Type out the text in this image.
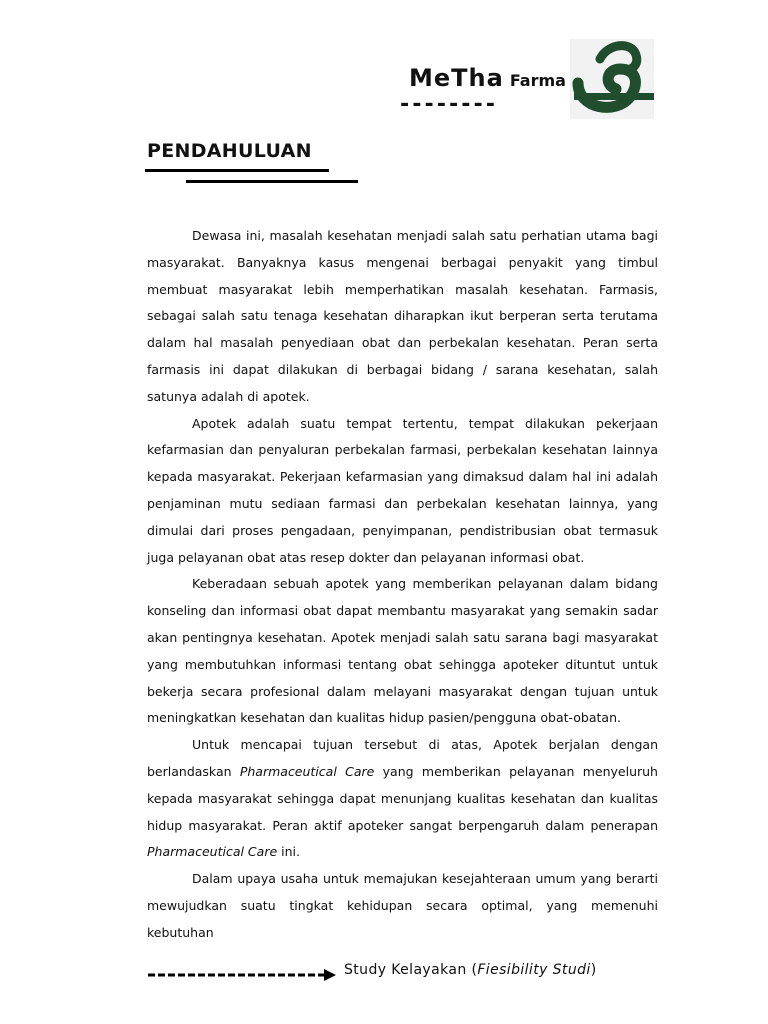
MeTha Farma
--------
PENDAHULUAN

Dewasa ini, masalah kesehatan menjadi salah satu perhatian utama bagi masyarakat. Banyaknya kasus mengenai berbagai penyakit yang timbul membuat masyarakat lebih memperhatikan masalah kesehatan. Farmasis, sebagai salah satu tenaga kesehatan diharapkan ikut berperan serta terutama dalam hal masalah penyediaan obat dan perbekalan kesehatan. Peran serta farmasis ini dapat dilakukan di berbagai bidang / sarana kesehatan, salah satunya adalah di apotek.

Apotek adalah suatu tempat tertentu, tempat dilakukan pekerjaan kefarmasian dan penyaluran perbekalan farmasi, perbekalan kesehatan lainnya kepada masyarakat. Pekerjaan kefarmasian yang dimaksud dalam hal ini adalah penjaminan mutu sediaan farmasi dan perbekalan kesehatan lainnya, yang dimulai dari proses pengadaan, penyimpanan, pendistribusian obat termasuk juga pelayanan obat atas resep dokter dan pelayanan informasi obat.

Keberadaan sebuah apotek yang memberikan pelayanan dalam bidang konseling dan informasi obat dapat membantu masyarakat yang semakin sadar akan pentingnya kesehatan. Apotek menjadi salah satu sarana bagi masyarakat yang membutuhkan informasi tentang obat sehingga apoteker dituntut untuk bekerja secara profesional dalam melayani masyarakat dengan tujuan untuk meningkatkan kesehatan dan kualitas hidup pasien/pengguna obat-obatan.

Untuk mencapai tujuan tersebut di atas, Apotek berjalan dengan berlandaskan Pharmaceutical Care yang memberikan pelayanan menyeluruh kepada masyarakat sehingga dapat menunjang kualitas kesehatan dan kualitas hidup masyarakat. Peran aktif apoteker sangat berpengaruh dalam penerapan Pharmaceutical Care ini.

Dalam upaya usaha untuk memajukan kesejahteraan umum yang berarti mewujudkan suatu tingkat kehidupan secara optimal, yang memenuhi kebutuhan

Study Kelayakan (Fiesibility Studi)
